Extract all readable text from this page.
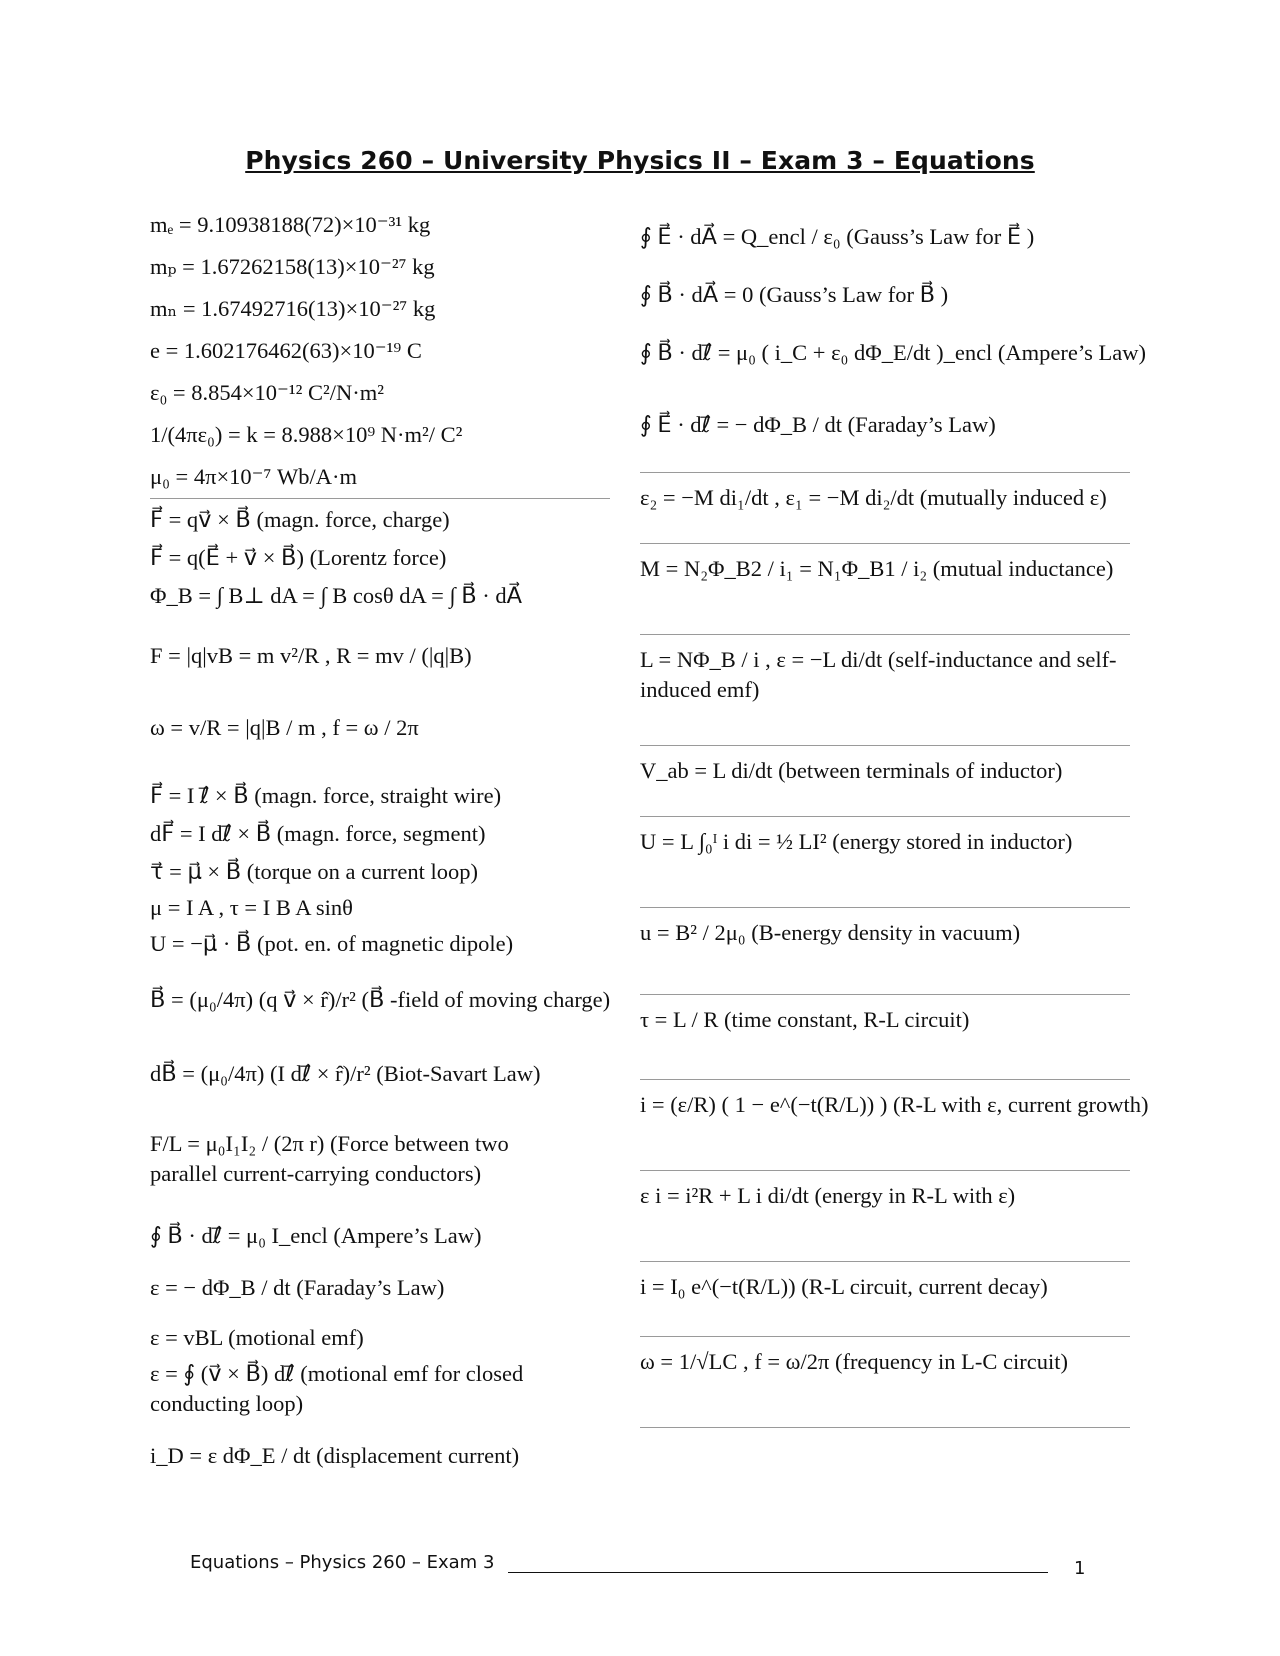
Physics 260 – University Physics II – Exam 3 – Equations
mₑ = 9.10938188(72)×10⁻³¹ kg
mₚ = 1.67262158(13)×10⁻²⁷ kg
mₙ = 1.67492716(13)×10⁻²⁷ kg
e = 1.602176462(63)×10⁻¹⁹ C
ε₀ = 8.854×10⁻¹² C²/N·m²
1/(4πε₀) = k = 8.988×10⁹ N·m²/ C²
μ₀ = 4π×10⁻⁷ Wb/A·m
F⃗ = qv⃗ × B⃗ (magn. force, charge)
F⃗ = q(E⃗ + v⃗ × B⃗) (Lorentz force)
Φ_B = ∫ B⊥ dA = ∫ B cosθ dA = ∫ B⃗ · dA⃗
F = |q|vB = m v²/R , R = mv / (|q|B)
ω = v/R = |q|B / m , f = ω / 2π
F⃗ = I ℓ⃗ × B⃗ (magn. force, straight wire)
dF⃗ = I dℓ⃗ × B⃗ (magn. force, segment)
τ⃗ = μ⃗ × B⃗ (torque on a current loop)
μ = I A , τ = I B A sinθ
U = −μ⃗ · B⃗ (pot. en. of magnetic dipole)
B⃗ = (μ₀/4π) (q v⃗ × r̂)/r² (B⃗ -field of moving charge)
dB⃗ = (μ₀/4π) (I dℓ⃗ × r̂)/r² (Biot-Savart Law)
F/L = μ₀I₁I₂ / (2π r) (Force between two parallel current-carrying conductors)
∮ B⃗ · dℓ⃗ = μ₀ I_encl (Ampere’s Law)
ε = − dΦ_B / dt (Faraday’s Law)
ε = vBL (motional emf)
ε = ∮ (v⃗ × B⃗) dℓ⃗ (motional emf for closed conducting loop)
i_D = ε dΦ_E / dt (displacement current)
∮ E⃗ · dA⃗ = Q_encl / ε₀ (Gauss’s Law for E⃗ )
∮ B⃗ · dA⃗ = 0 (Gauss’s Law for B⃗ )
∮ B⃗ · dℓ⃗ = μ₀ ( i_C + ε₀ dΦ_E/dt )_encl (Ampere’s Law)
∮ E⃗ · dℓ⃗ = − dΦ_B / dt (Faraday’s Law)
ε₂ = −M di₁/dt , ε₁ = −M di₂/dt (mutually induced ε)
M = N₂Φ_B2 / i₁ = N₁Φ_B1 / i₂ (mutual inductance)
L = NΦ_B / i , ε = −L di/dt (self-inductance and self-induced emf)
V_ab = L di/dt (between terminals of inductor)
U = L ∫₀ᴵ i di = ½ LI² (energy stored in inductor)
u = B² / 2μ₀ (B-energy density in vacuum)
τ = L / R (time constant, R-L circuit)
i = (ε/R) ( 1 − e^(−t(R/L)) ) (R-L with ε, current growth)
ε i = i²R + L i di/dt (energy in R-L with ε)
i = I₀ e^(−t(R/L)) (R-L circuit, current decay)
ω = 1/√LC , f = ω/2π (frequency in L-C circuit)
Equations – Physics 260 – Exam 3	1
